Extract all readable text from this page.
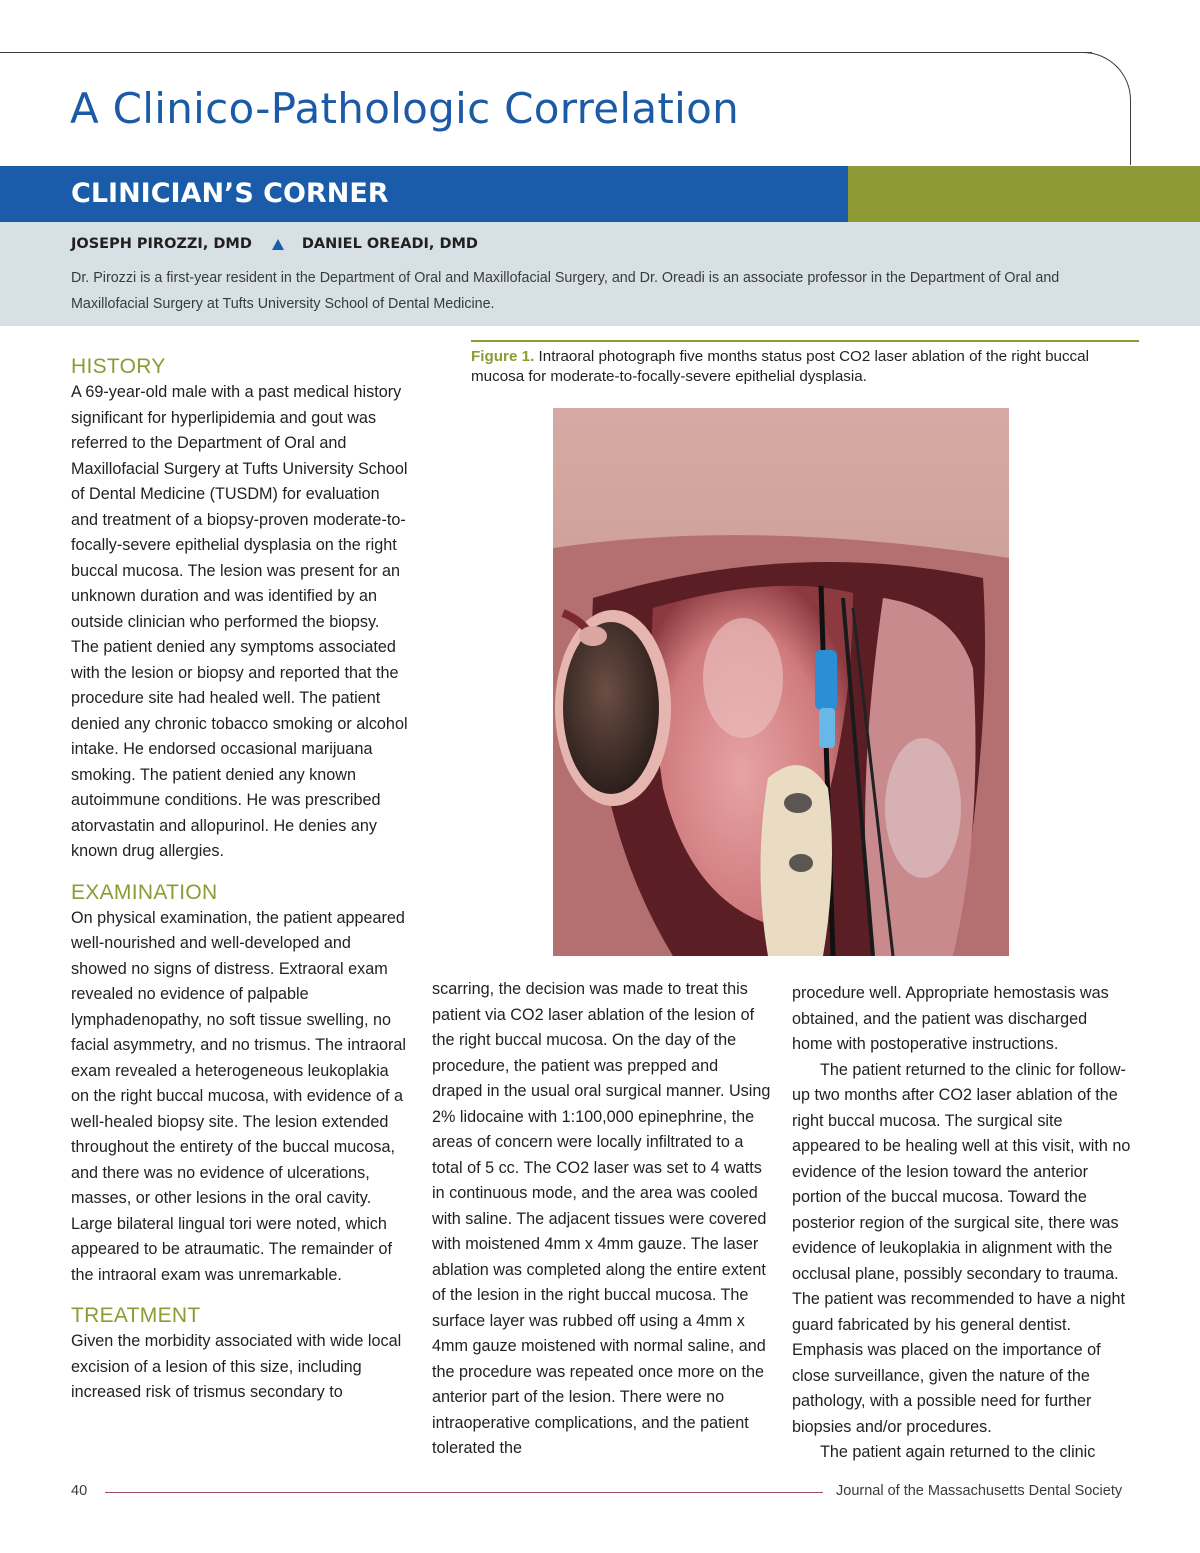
A Clinico-Pathologic Correlation
CLINICIAN’S CORNER
JOSEPH PIROZZI, DMD	DANIEL OREADI, DMD

Dr. Pirozzi is a first-year resident in the Department of Oral and Maxillofacial Surgery, and Dr. Oreadi is an associate professor in the Department of Oral and Maxillofacial Surgery at Tufts University School of Dental Medicine.

HISTORY

A 69-year-old male with a past medical history significant for hyperlipidemia and gout was referred to the Department of Oral and Maxillofacial Surgery at Tufts University School of Dental Medicine (TUSDM) for evaluation and treatment of a biopsy-proven moderate-to-focally-severe epithelial dysplasia on the right buccal mucosa. The lesion was present for an unknown duration and was identified by an outside clinician who performed the biopsy. The patient denied any symptoms associated with the lesion or biopsy and reported that the procedure site had healed well. The patient denied any chronic tobacco smoking or alcohol intake. He endorsed occasional marijuana smoking. The patient denied any known autoimmune conditions. He was prescribed atorvastatin and allopurinol. He denies any known drug allergies.

EXAMINATION

On physical examination, the patient appeared well-nourished and well-developed and showed no signs of distress. Extraoral exam revealed no evidence of palpable lymphadenopathy, no soft tissue swelling, no facial asymmetry, and no trismus. The intraoral exam revealed a heterogeneous leukoplakia on the right buccal mucosa, with evidence of a well-healed biopsy site. The lesion extended throughout the entirety of the buccal mucosa, and there was no evidence of ulcerations, masses, or other lesions in the oral cavity. Large bilateral lingual tori were noted, which appeared to be atraumatic. The remainder of the intraoral exam was unremarkable.

TREATMENT

Given the morbidity associated with wide local excision of a lesion of this size, including increased risk of trismus secondary to

Figure 1. Intraoral photograph five months status post CO2 laser ablation of the right buccal mucosa for moderate-to-focally-severe epithelial dysplasia.

scarring, the decision was made to treat this patient via CO2 laser ablation of the lesion of the right buccal mucosa. On the day of the procedure, the patient was prepped and draped in the usual oral surgical manner. Using 2% lidocaine with 1:100,000 epinephrine, the areas of concern were locally infiltrated to a total of 5 cc. The CO2 laser was set to 4 watts in continuous mode, and the area was cooled with saline. The adjacent tissues were covered with moistened 4mm x 4mm gauze. The laser ablation was completed along the entire extent of the lesion in the right buccal mucosa. The surface layer was rubbed off using a 4mm x 4mm gauze moistened with normal saline, and the procedure was repeated once more on the anterior part of the lesion. There were no intraoperative complications, and the patient tolerated the

procedure well. Appropriate hemostasis was obtained, and the patient was discharged home with postoperative instructions.

The patient returned to the clinic for follow-up two months after CO2 laser ablation of the right buccal mucosa. The surgical site appeared to be healing well at this visit, with no evidence of the lesion toward the anterior portion of the buccal mucosa. Toward the posterior region of the surgical site, there was evidence of leukoplakia in alignment with the occlusal plane, possibly secondary to trauma. The patient was recommended to have a night guard fabricated by his general dentist. Emphasis was placed on the importance of close surveillance, given the nature of the pathology, with a possible need for further biopsies and/or procedures.

The patient again returned to the clinic

40	Journal of the Massachusetts Dental Society
